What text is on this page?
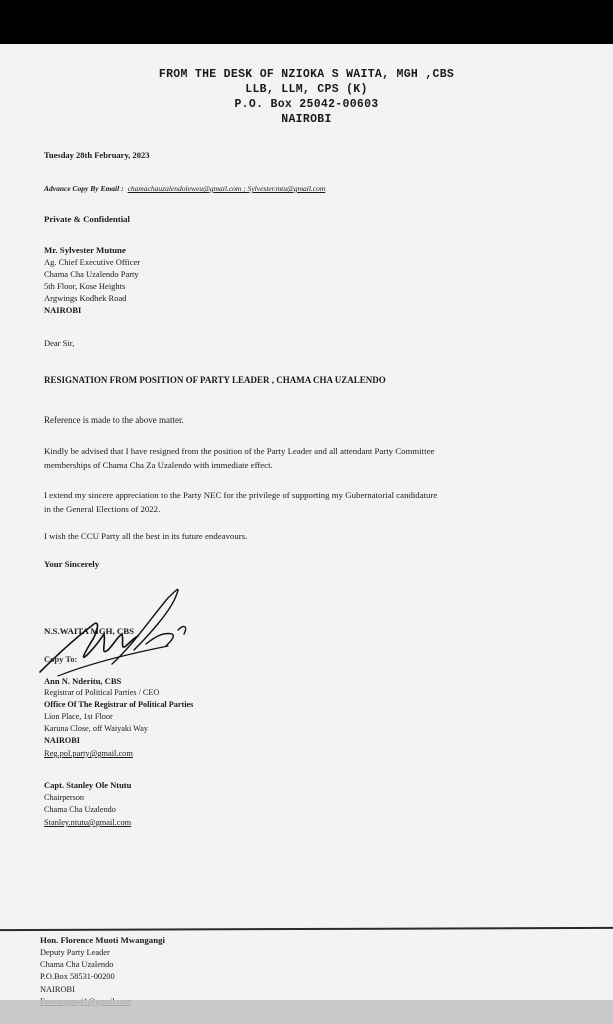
FROM THE DESK OF NZIOKA S WAITA, MGH ,CBS
LLB, LLM, CPS (K)
P.O. Box 25042-00603
NAIROBI
Tuesday 28th February, 2023
Advance Copy By Email : chamachauzalendoleweu@gmail.com ; Sylvester.mtu@gmail.com
Private & Confidential
Mr. Sylvester Mutune
Ag. Chief Executive Officer
Chama Cha Uzalendo Party
5th Floor, Kose Heights
Argwings Kodhek Road
NAIROBI
Dear Sir,
RESIGNATION FROM POSITION OF PARTY LEADER , CHAMA CHA UZALENDO
Reference is made to the above matter.
Kindly be advised that I have resigned from the position of the Party Leader and all attendant Party Committee
memberships of Chama Cha Za Uzalendo with immediate effect.
I extend my sincere appreciation to the Party NEC for the privilege of supporting my Gubernatorial candidature
in the General Elections of 2022.
I wish the CCU Party all the best in its future endeavours.
Your Sincerely
N.S.WAITA MGH, CBS
Copy To:
Ann N. Nderitu, CBS
Registrar of Political Parties / CEO
Office Of The Registrar of Political Parties
Lion Place, 1st Floor
Karuna Close, off Waiyaki Way
NAIROBI
Reg.pol.party@gmail.com
Capt. Stanley Ole Ntutu
Chairperson
Chama Cha Uzalendo
Stanley.ntutu@gmail.com
Hon. Florence Muoti Mwangangi
Deputy Party Leader
Chama Cha Uzalendo
P.O.Box 58531-00200
NAIROBI
